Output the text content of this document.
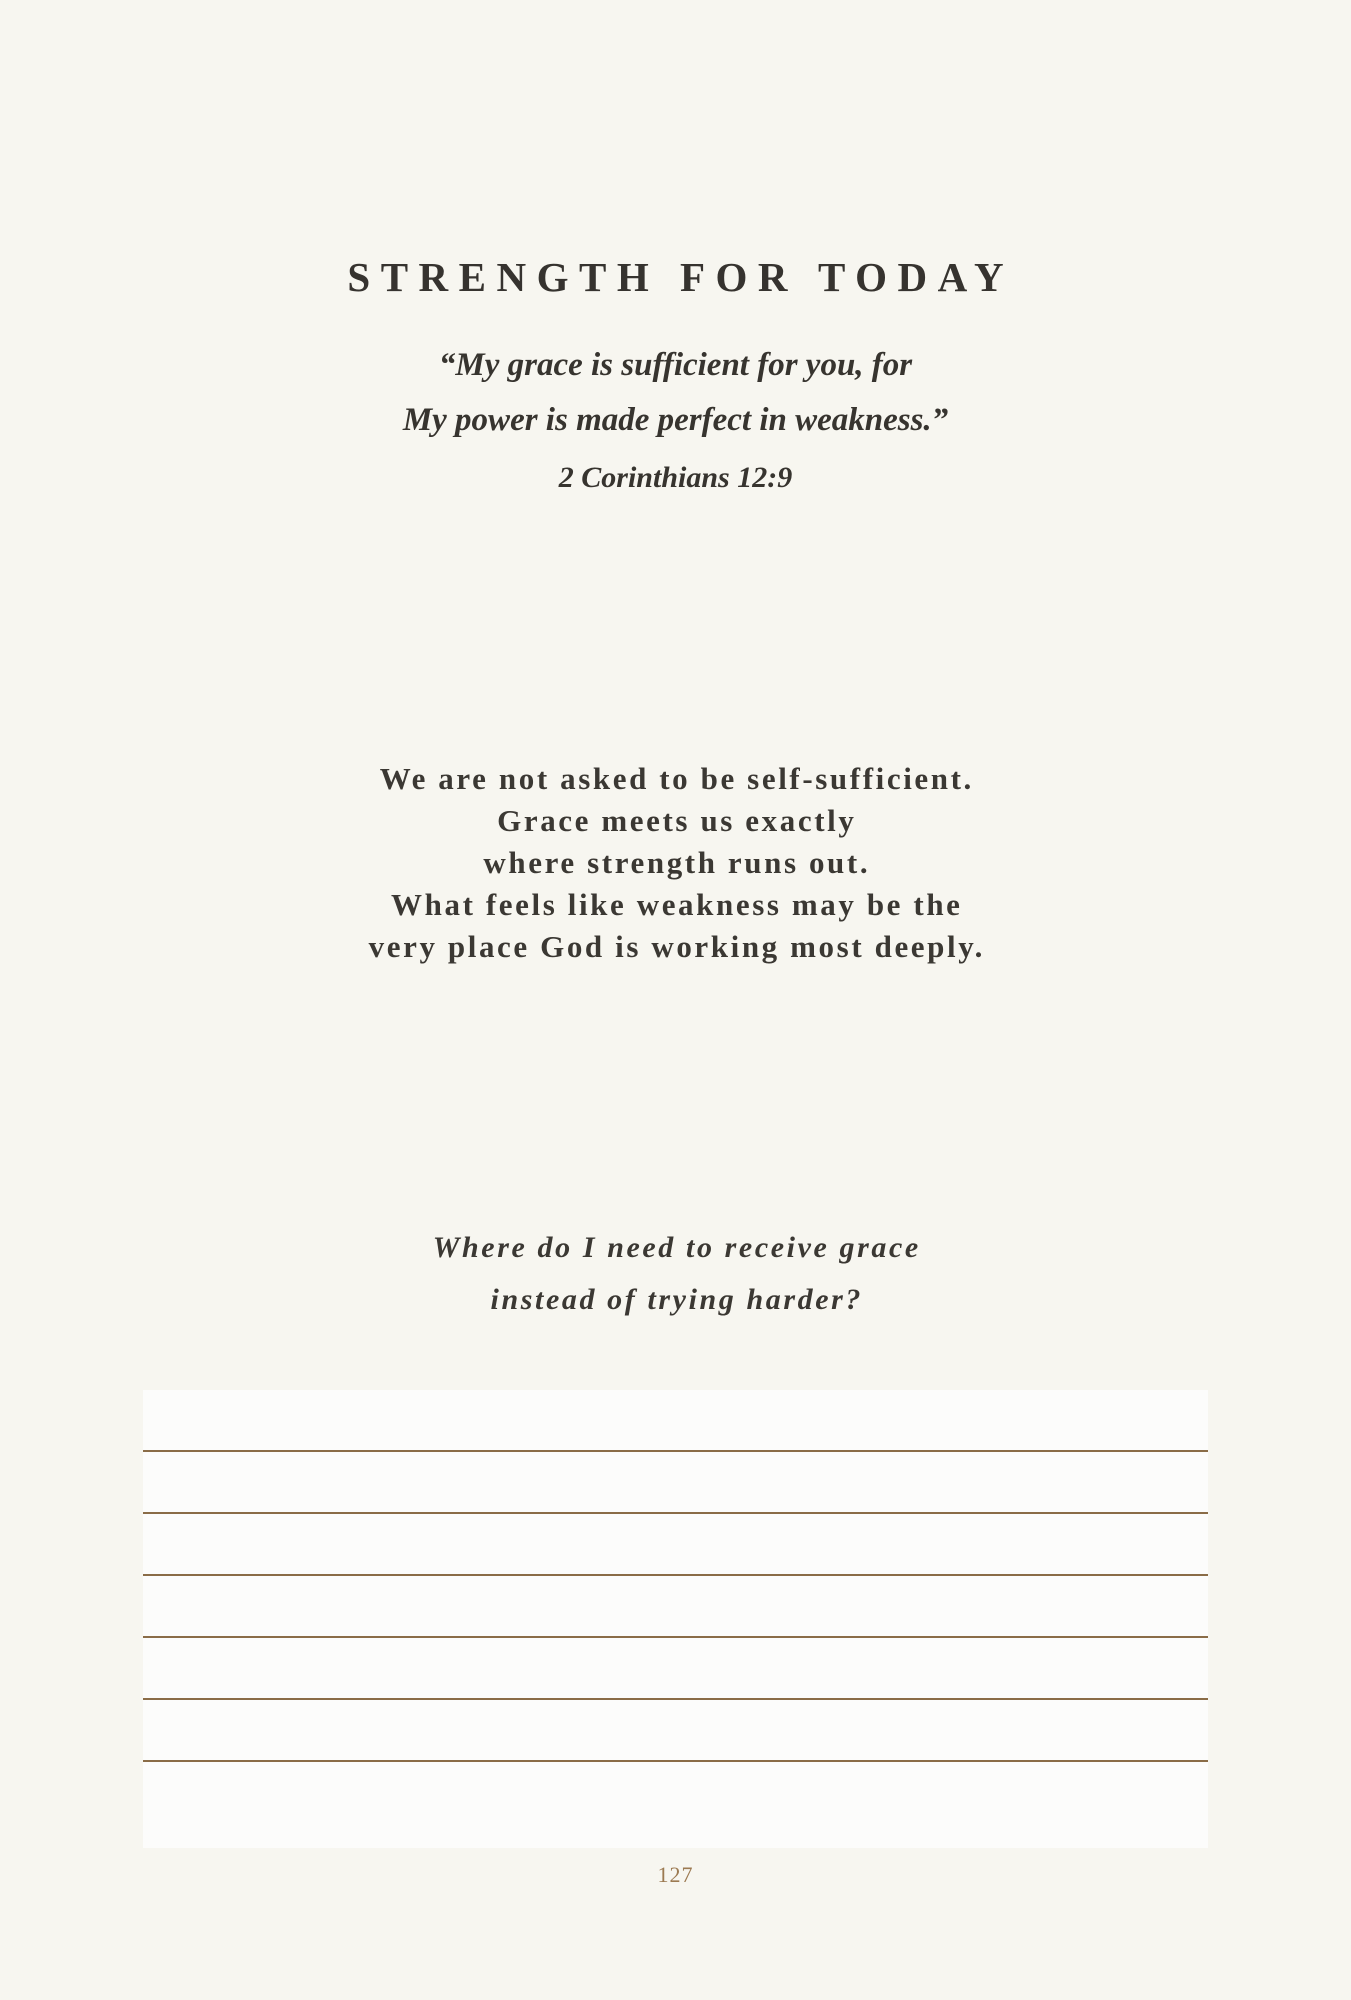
STRENGTH FOR TODAY
“My grace is sufficient for you, for
My power is made perfect in weakness.”
2 Corinthians 12:9
We are not asked to be self-sufficient.
Grace meets us exactly
where strength runs out.
What feels like weakness may be the
very place God is working most deeply.
Where do I need to receive grace
instead of trying harder?
127
